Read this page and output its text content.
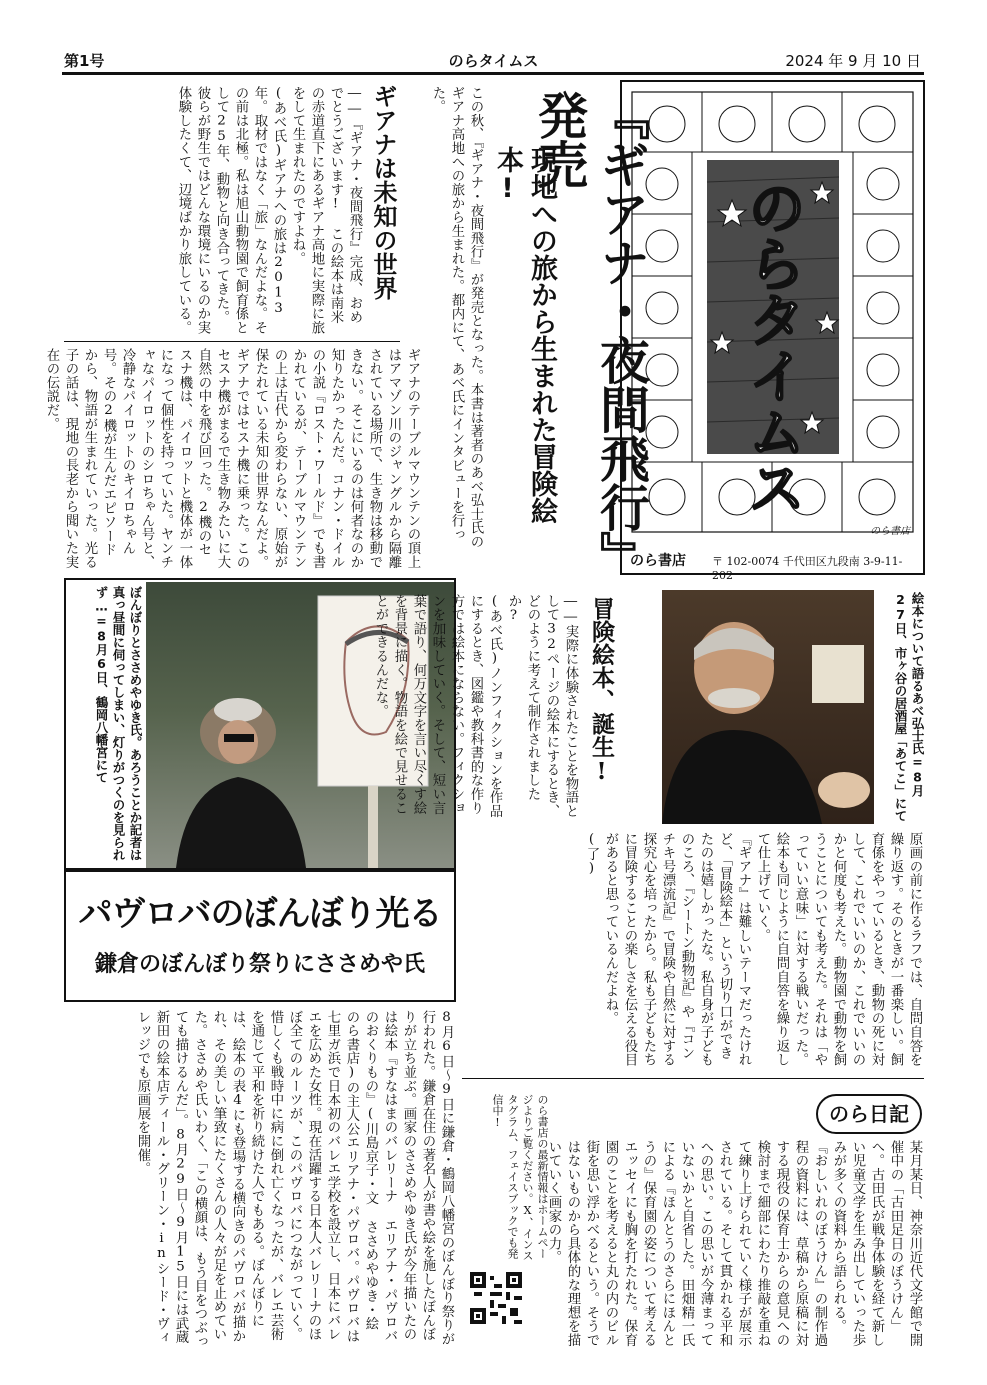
第1号	のらタイムス	2024 年 9 月 10 日
のらタイムス
のら書店
のら書店 〒 102-0074 千代田区九段南 3-9-11-202
『ギアナ・夜間飛行』発売
現地への旅から生まれた冒険絵本!
この秋、『ギアナ・夜間飛行』が発売となった。本書は著者のあべ弘士氏のギアナ高地への旅から生まれた。都内にて、あべ氏にインタビューを行った。
ギアナは未知の世界

――『ギアナ・夜間飛行』完成、おめでとうございます! この絵本は南米の赤道直下にあるギアナ高地に実際に旅をして生まれたのですよね。

(あべ氏)ギアナへの旅は2013年。取材ではなく「旅」なんだよな。その前は北極。私は旭山動物園で飼育係として25年、動物と向き合ってきた。彼らが野生ではどんな環境にいるのか実体験したくて、辺境ばかり旅している。

ギアナのテーブルマウンテンの頂上はアマゾン川のジャングルから隔離されている場所で、生き物は移動できない。そこにいるのは何者なのか知りたかったんだ。コナン・ドイルの小説『ロスト・ワールド』でも書かれているが、テーブルマウンテンの上は古代から変わらない、原始が保たれている未知の世界なんだよ。

ギアナではセスナ機に乗った。このセスナ機がまるで生き物みたいに大自然の中を飛び回った。2機のセスナ機は、パイロットと機体が一体になって個性を持っていた。ヤンチャなパイロットのシロちゃん号と、冷静なパイロットのキイロちゃん号。その2機が生んだエピソードから、物語が生まれていった。光る子の話は、現地の長老から聞いた実在の伝説だ。

ぼんぼりとささめやゆき氏。あろうことか記者は真っ昼間に伺ってしまい、灯りがつくのを見られず…=8月6日、鶴岡八幡宮にて
パヴロバのぼんぼり光る
鎌倉のぼんぼり祭りにささめや氏
8月6日〜9日に鎌倉・鶴岡八幡宮のぼんぼり祭りが行われた。鎌倉在住の著名人が書や絵を施したぼんぼりが立ち並ぶ。画家のささめやゆき氏が今年描いたのは絵本『すなはまのバレリーナ エリアナ・パヴロバのおくりもの』(川島京子・文 ささめやゆき・絵 のら書店)の主人公エリアナ・パヴロバ。パヴロバは七里ガ浜で日本初のバレエ学校を設立し、日本にバレエを広めた女性。現在活躍する日本人バレリーナのほぼ全てのルーツが、このパヴロバにつながっていく。惜しくも戦時中に病に倒れ亡くなったが、バレエ芸術を通じて平和を祈り続けた人でもある。ぼんぼりには、絵本の表4にも登場する横向きのパヴロバが描かれ、その美しい筆致にたくさんの人々が足を止めていた。ささめや氏いわく、「この横顔は、もう目をつぶっても描けるんだ」。8月29日〜9月15日には武蔵新田の絵本店ティール・グリーン・inシード・ヴィレッジでも原画展を開催。
冒険絵本、誕生!

――実際に体験されたことを物語として32ページの絵本にするとき、どのように考えて制作されましたか?

(あべ氏)ノンフィクションを作品にするとき、図鑑や教科書的な作り方では絵本にならない。フィクションを加味していく。そして、短い言葉で語り、何万文字を言い尽くす絵を背景に描く。物語を絵で見せることができるんだな。	絵本について語るあべ弘士氏=8月27日、市ヶ谷の居酒屋「あてこ」にて

原画の前に作るラフでは、自問自答を繰り返す。そのときが一番楽しい。飼育係をやっているとき、動物の死に対して、これでいいのか、これでいいのかと何度も考えた。動物園で動物を飼うことについても考えた。それは「やっていい意味」に対する戦いだった。絵本も同じように自問自答を繰り返して仕上げていく。

『ギアナ』は難しいテーマだったけれど、「冒険絵本」という切り口ができたのは嬉しかったな。私自身が子どものころ、『シートン動物記』や『コンチキ号漂流記』で冒険や自然に対する探究心を培ったから。私も子どもたちに冒険することの楽しさを伝える役目があると思っているんだよね。(了)

のら日記
某月某日、神奈川近代文学館で開催中の「古田足日のぼうけん」へ。古田氏が戦争体験を経て新しい児童文学を生み出していった歩みが多くの資料から語られる。『おしいれのぼうけん』の制作過程の資料には、草稿から原稿に対する現役の保育士からの意見への検討まで細部にわたり推敲を重ねて練り上げられていく様子が展示されている。そして貫かれる平和への思い。この思いが今薄まっていないかと自省した。田畑精一氏による『ほんとうのさらにほんとうの』保育園の姿について考えるエッセイにも胸を打たれた。保育園のことを考えると丸の内のビル街を思い浮かべるという。そうではないものから具体的な理想を描いていく画家の力。
のら書店の最新情報はホームページよりご覧ください。X、インスタグラム、フェイスブックでも発信中!
